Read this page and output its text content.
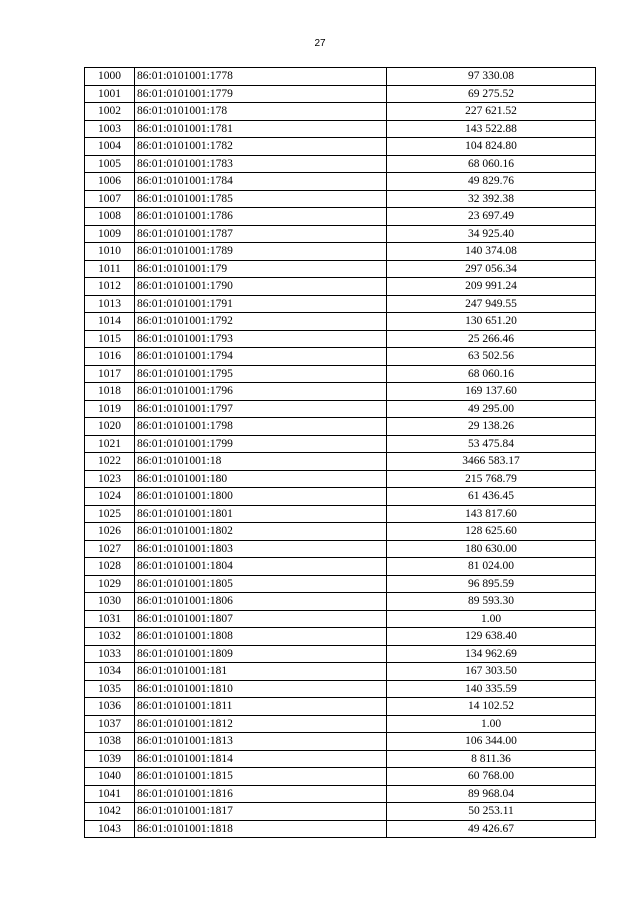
27
1000	86:01:0101001:1778	97 330.08
1001	86:01:0101001:1779	69 275.52
1002	86:01:0101001:178	227 621.52
1003	86:01:0101001:1781	143 522.88
1004	86:01:0101001:1782	104 824.80
1005	86:01:0101001:1783	68 060.16
1006	86:01:0101001:1784	49 829.76
1007	86:01:0101001:1785	32 392.38
1008	86:01:0101001:1786	23 697.49
1009	86:01:0101001:1787	34 925.40
1010	86:01:0101001:1789	140 374.08
1011	86:01:0101001:179	297 056.34
1012	86:01:0101001:1790	209 991.24
1013	86:01:0101001:1791	247 949.55
1014	86:01:0101001:1792	130 651.20
1015	86:01:0101001:1793	25 266.46
1016	86:01:0101001:1794	63 502.56
1017	86:01:0101001:1795	68 060.16
1018	86:01:0101001:1796	169 137.60
1019	86:01:0101001:1797	49 295.00
1020	86:01:0101001:1798	29 138.26
1021	86:01:0101001:1799	53 475.84
1022	86:01:0101001:18	3466 583.17
1023	86:01:0101001:180	215 768.79
1024	86:01:0101001:1800	61 436.45
1025	86:01:0101001:1801	143 817.60
1026	86:01:0101001:1802	128 625.60
1027	86:01:0101001:1803	180 630.00
1028	86:01:0101001:1804	81 024.00
1029	86:01:0101001:1805	96 895.59
1030	86:01:0101001:1806	89 593.30
1031	86:01:0101001:1807	1.00
1032	86:01:0101001:1808	129 638.40
1033	86:01:0101001:1809	134 962.69
1034	86:01:0101001:181	167 303.50
1035	86:01:0101001:1810	140 335.59
1036	86:01:0101001:1811	14 102.52
1037	86:01:0101001:1812	1.00
1038	86:01:0101001:1813	106 344.00
1039	86:01:0101001:1814	8 811.36
1040	86:01:0101001:1815	60 768.00
1041	86:01:0101001:1816	89 968.04
1042	86:01:0101001:1817	50 253.11
1043	86:01:0101001:1818	49 426.67
